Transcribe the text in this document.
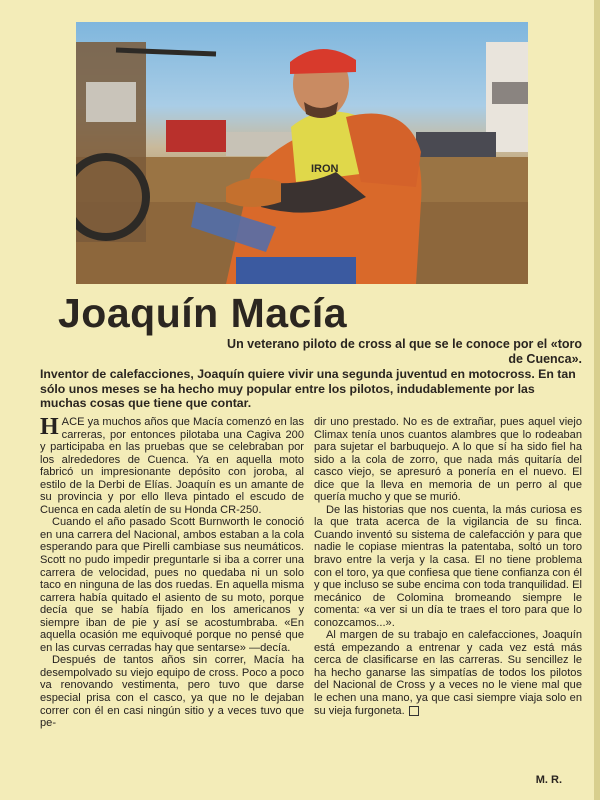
IRON
Joaquín Macía

Un veterano piloto de cross al que se le conoce por el «toro de Cuenca».

Inventor de calefacciones, Joaquín quiere vivir una segunda juventud en motocross. En tan sólo unos meses se ha hecho muy popular entre los pilotos, indudablemente por las muchas cosas que tiene que contar.

HACE ya muchos años que Macía comenzó en las carreras, por entonces pilotaba una Cagiva 200 y participaba en las pruebas que se celebraban por los alrededores de Cuenca. Ya en aquella moto fabricó un impresionante depósito con joroba, al estilo de la Derbi de Elías. Joaquín es un amante de su provincia y por ello lleva pintado el escudo de Cuenca en cada aletín de su Honda CR-250.

Cuando el año pasado Scott Burnworth le conoció en una carrera del Nacional, ambos estaban a la cola esperando para que Pirelli cambiase sus neumáticos. Scott no pudo impedir preguntarle si iba a correr una carrera de velocidad, pues no quedaba ni un solo taco en ninguna de las dos ruedas. En aquella misma carrera había quitado el asiento de su moto, porque decía que se había fijado en los americanos y siempre iban de pie y así se acostumbraba. «En aquella ocasión me equivoqué porque no pensé que en las curvas cerradas hay que sentarse» —decía.

Después de tantos años sin correr, Macía ha desempolvado su viejo equipo de cross. Poco a poco va renovando vestimenta, pero tuvo que darse especial prisa con el casco, ya que no le dejaban correr con él en casi ningún sitio y a veces tuvo que pe-

dir uno prestado. No es de extrañar, pues aquel viejo Climax tenía unos cuantos alambres que lo rodeaban para sujetar el barbuquejo. A lo que sí ha sido fiel ha sido a la cola de zorro, que nada más quitaría del casco viejo, se apresuró a ponería en el nuevo. El dice que la lleva en memoria de un perro al que quería mucho y que se murió.

De las historias que nos cuenta, la más curiosa es la que trata acerca de la vigilancia de su finca. Cuando inventó su sistema de calefacción y para que nadie le copiase mientras la patentaba, soltó un toro bravo entre la verja y la casa. El no tiene problema con el toro, ya que confiesa que tiene confianza con él y que incluso se sube encima con toda tranquilidad. El mecánico de Colomina bromeando siempre le comenta: «a ver si un día te traes el toro para que lo conozcamos...».

Al margen de su trabajo en calefacciones, Joaquín está empezando a entrenar y cada vez está más cerca de clasificarse en las carreras. Su sencillez le ha hecho ganarse las simpatías de todos los pilotos del Nacional de Cross y a veces no le viene mal que le echen una mano, ya que casi siempre viaja solo en su vieja furgoneta.

M. R.
